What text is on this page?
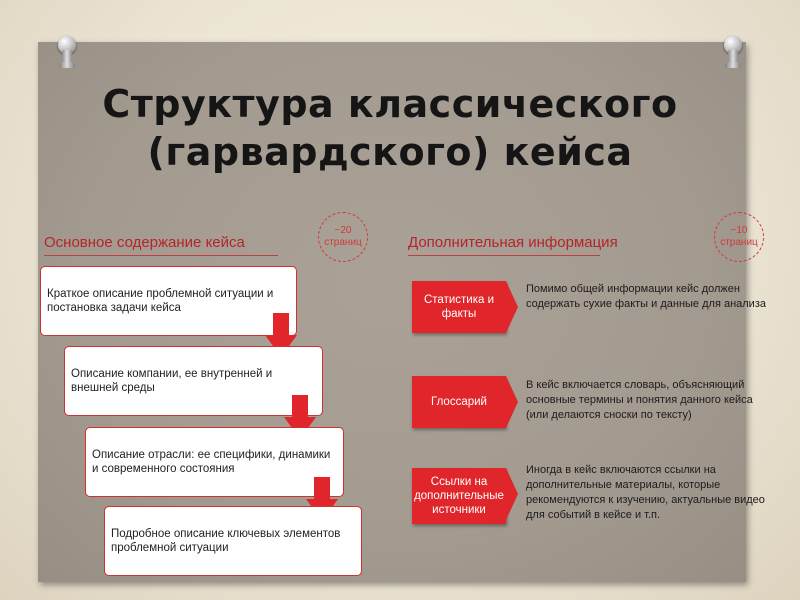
Структура классического
(гарвардского) кейса
Основное содержание кейса
~20
страниц
Краткое описание проблемной ситуации и постановка задачи кейса
Описание компании, ее внутренней и внешней среды
Описание отрасли: ее специфики, динамики и современного состояния
Подробное описание ключевых элементов проблемной ситуации
Дополнительная информация
~10
страниц
Статистика и факты
Помимо общей информации кейс должен содержать сухие факты и данные для анализа
Глоссарий
В кейс включается словарь, объясняющий основные термины и понятия данного кейса (или делаются сноски по тексту)
Ссылки на дополнительные источники
Иногда в кейс включаются ссылки на дополнительные материалы, которые рекомендуются к изучению, актуальные видео для событий в кейсе и т.п.
